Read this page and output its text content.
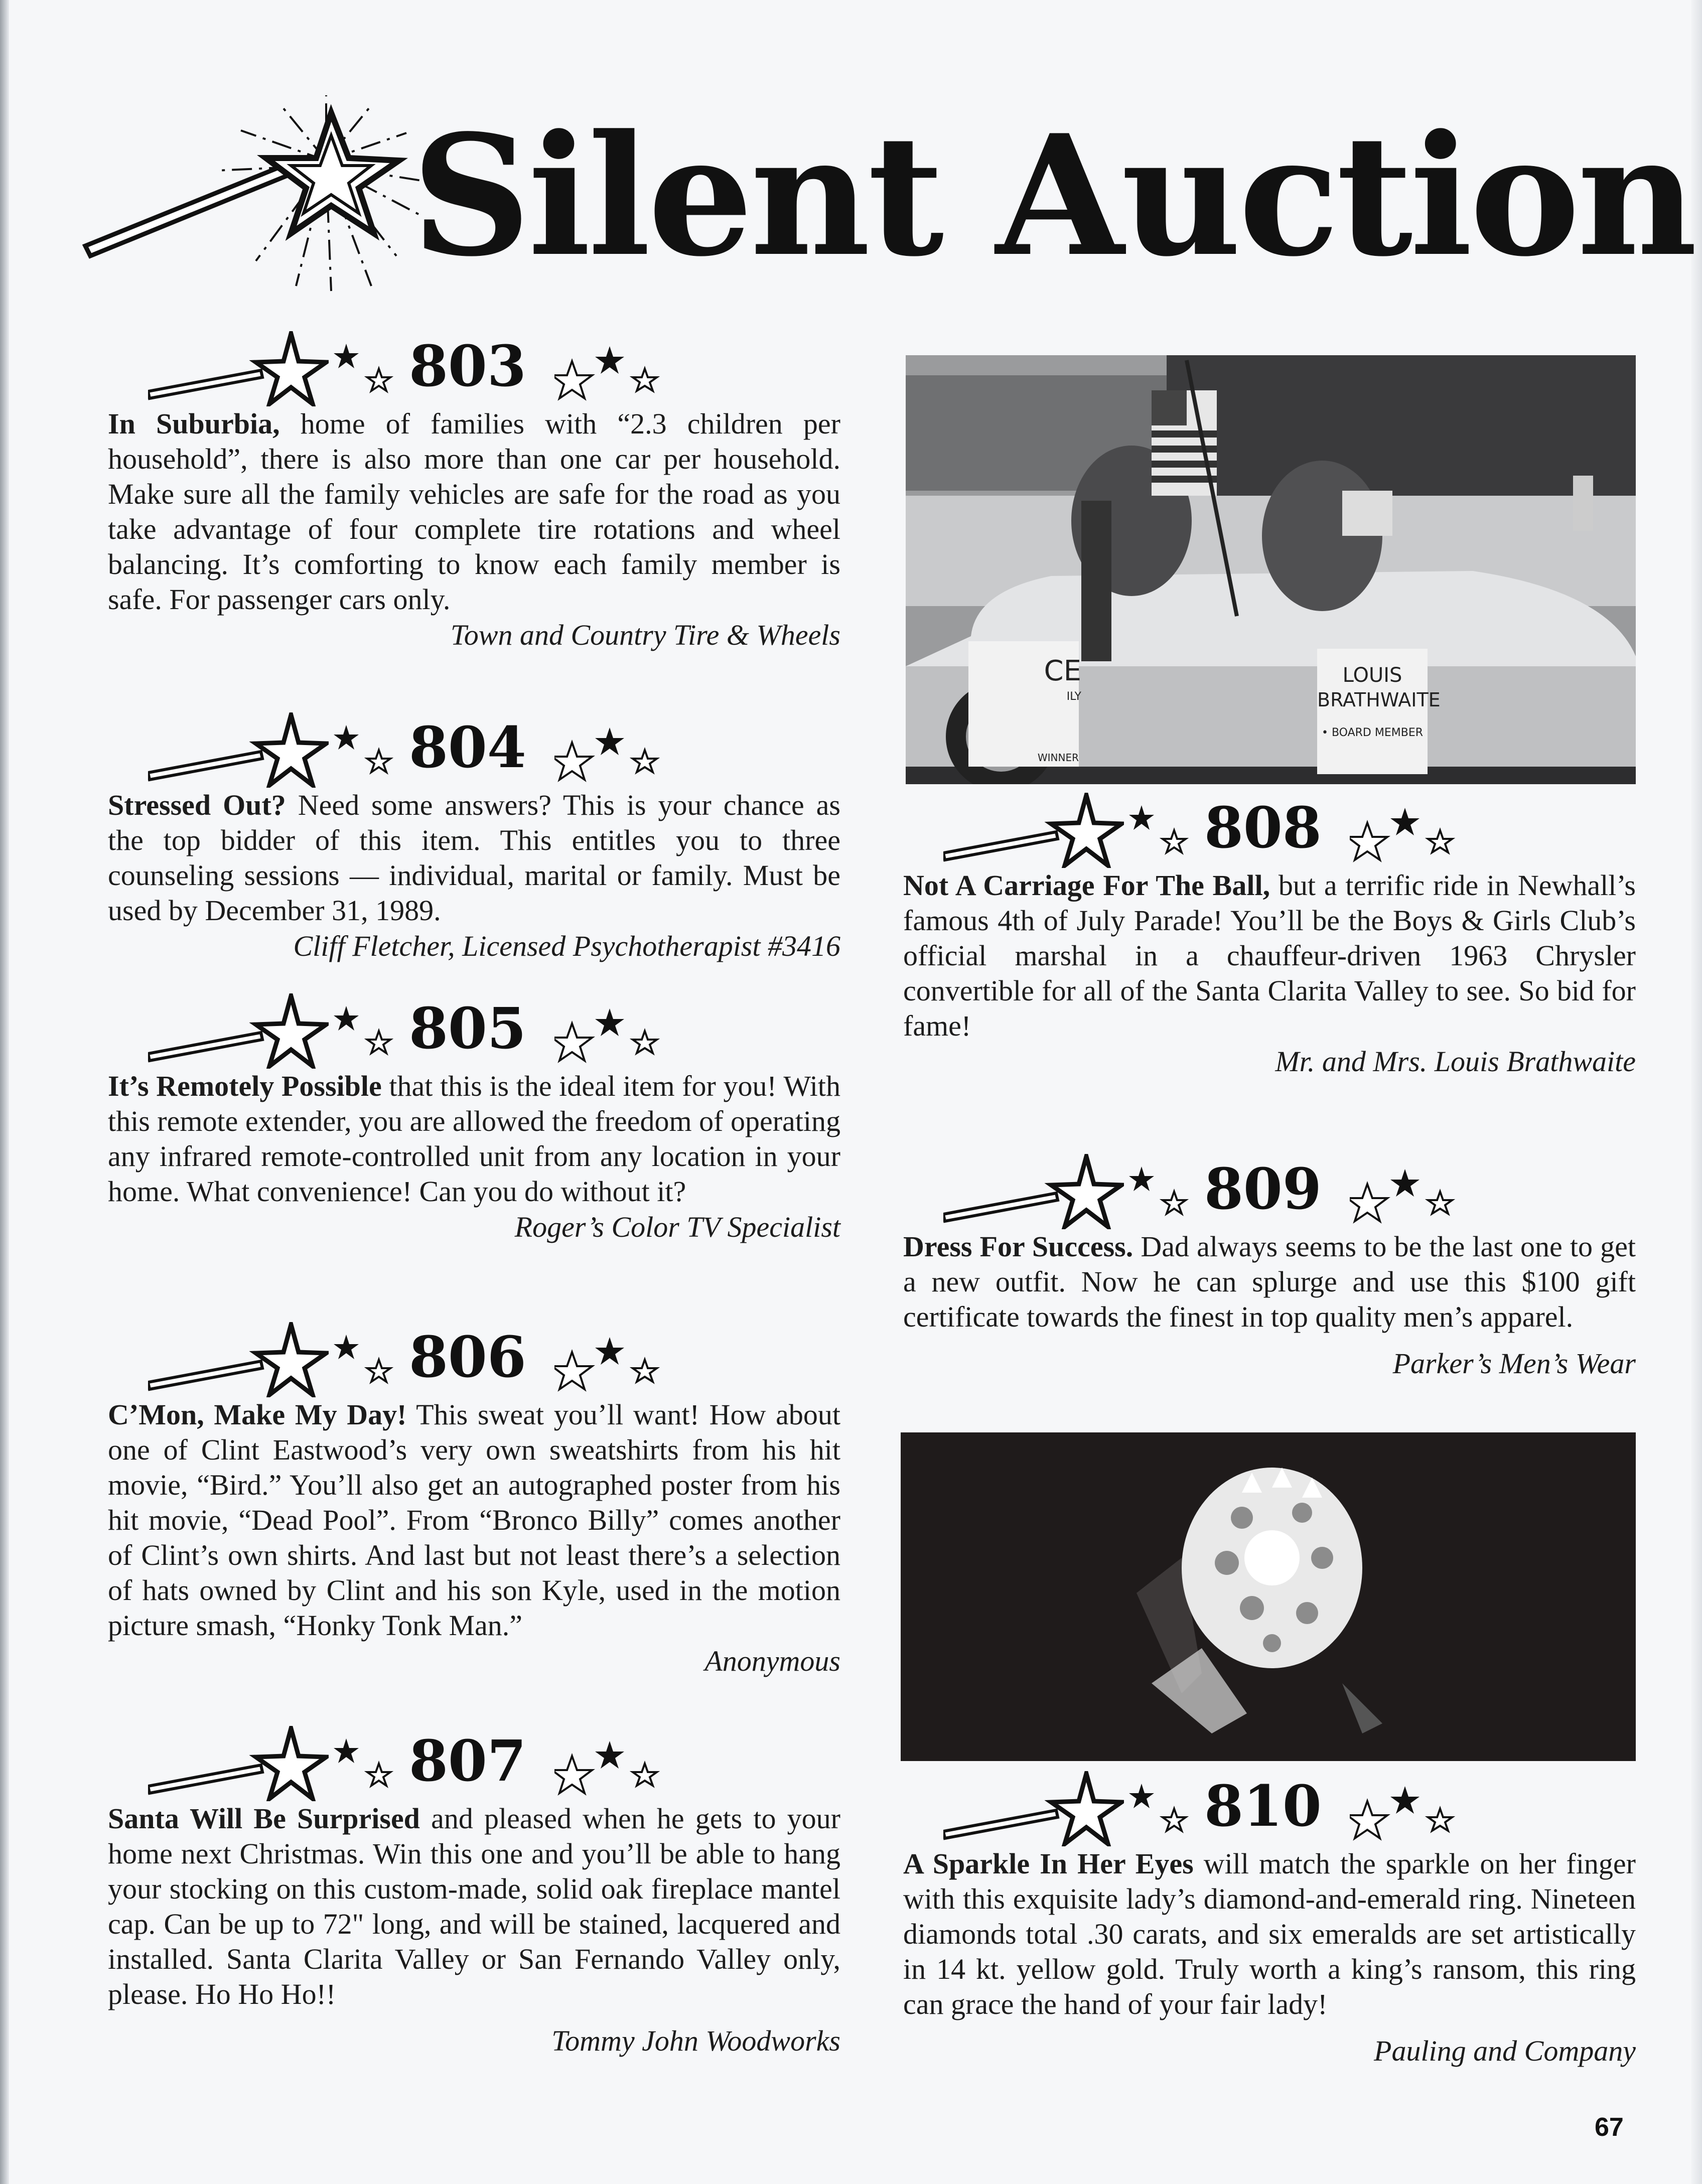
Silent Auction
803

In Suburbia, home of families with “2.3 children per household”, there is also more than one car per household. Make sure all the family vehicles are safe for the road as you take advantage of four complete tire rotations and wheel balancing. It’s comforting to know each family member is safe. For passenger cars only.

Town and Country Tire & Wheels

804

Stressed Out? Need some answers? This is your chance as the top bidder of this item. This entitles you to three counseling sessions — individual, marital or family. Must be used by December 31, 1989.

Cliff Fletcher, Licensed Psychotherapist #3416

805

It’s Remotely Possible that this is the ideal item for you! With this remote extender, you are allowed the freedom of operating any infrared remote-controlled unit from any location in your home. What convenience! Can you do without it?

Roger’s Color TV Specialist

806

C’Mon, Make My Day! This sweat you’ll want! How about one of Clint Eastwood’s very own sweatshirts from his hit movie, “Bird.” You’ll also get an autographed poster from his hit movie, “Dead Pool”. From “Bronco Billy” comes another of Clint’s own shirts. And last but not least there’s a selection of hats owned by Clint and his son Kyle, used in the motion picture smash, “Honky Tonk Man.”

Anonymous

807

Santa Will Be Surprised and pleased when he gets to your home next Christmas. Win this one and you’ll be able to hang your stocking on this custom-made, solid oak fireplace mantel cap. Can be up to 72" long, and will be stained, lacquered and installed. Santa Clarita Valley or San Fernando Valley only, please. Ho Ho Ho!!

Tommy John Woodworks

CE
ILY
WINNER
LOUIS
BRATHWAITE
• BOARD MEMBER
808

Not A Carriage For The Ball, but a terrific ride in Newhall’s famous 4th of July Parade! You’ll be the Boys & Girls Club’s official marshal in a chauffeur-driven 1963 Chrysler convertible for all of the Santa Clarita Valley to see. So bid for fame!

Mr. and Mrs. Louis Brathwaite

809

Dress For Success. Dad always seems to be the last one to get a new outfit. Now he can splurge and use this $100 gift certificate towards the finest in top quality men’s apparel.

Parker’s Men’s Wear

810

A Sparkle In Her Eyes will match the sparkle on her finger with this exquisite lady’s diamond-and-emerald ring. Nineteen diamonds total .30 carats, and six emeralds are set artistically in 14 kt. yellow gold. Truly worth a king’s ransom, this ring can grace the hand of your fair lady!

Pauling and Company

67
